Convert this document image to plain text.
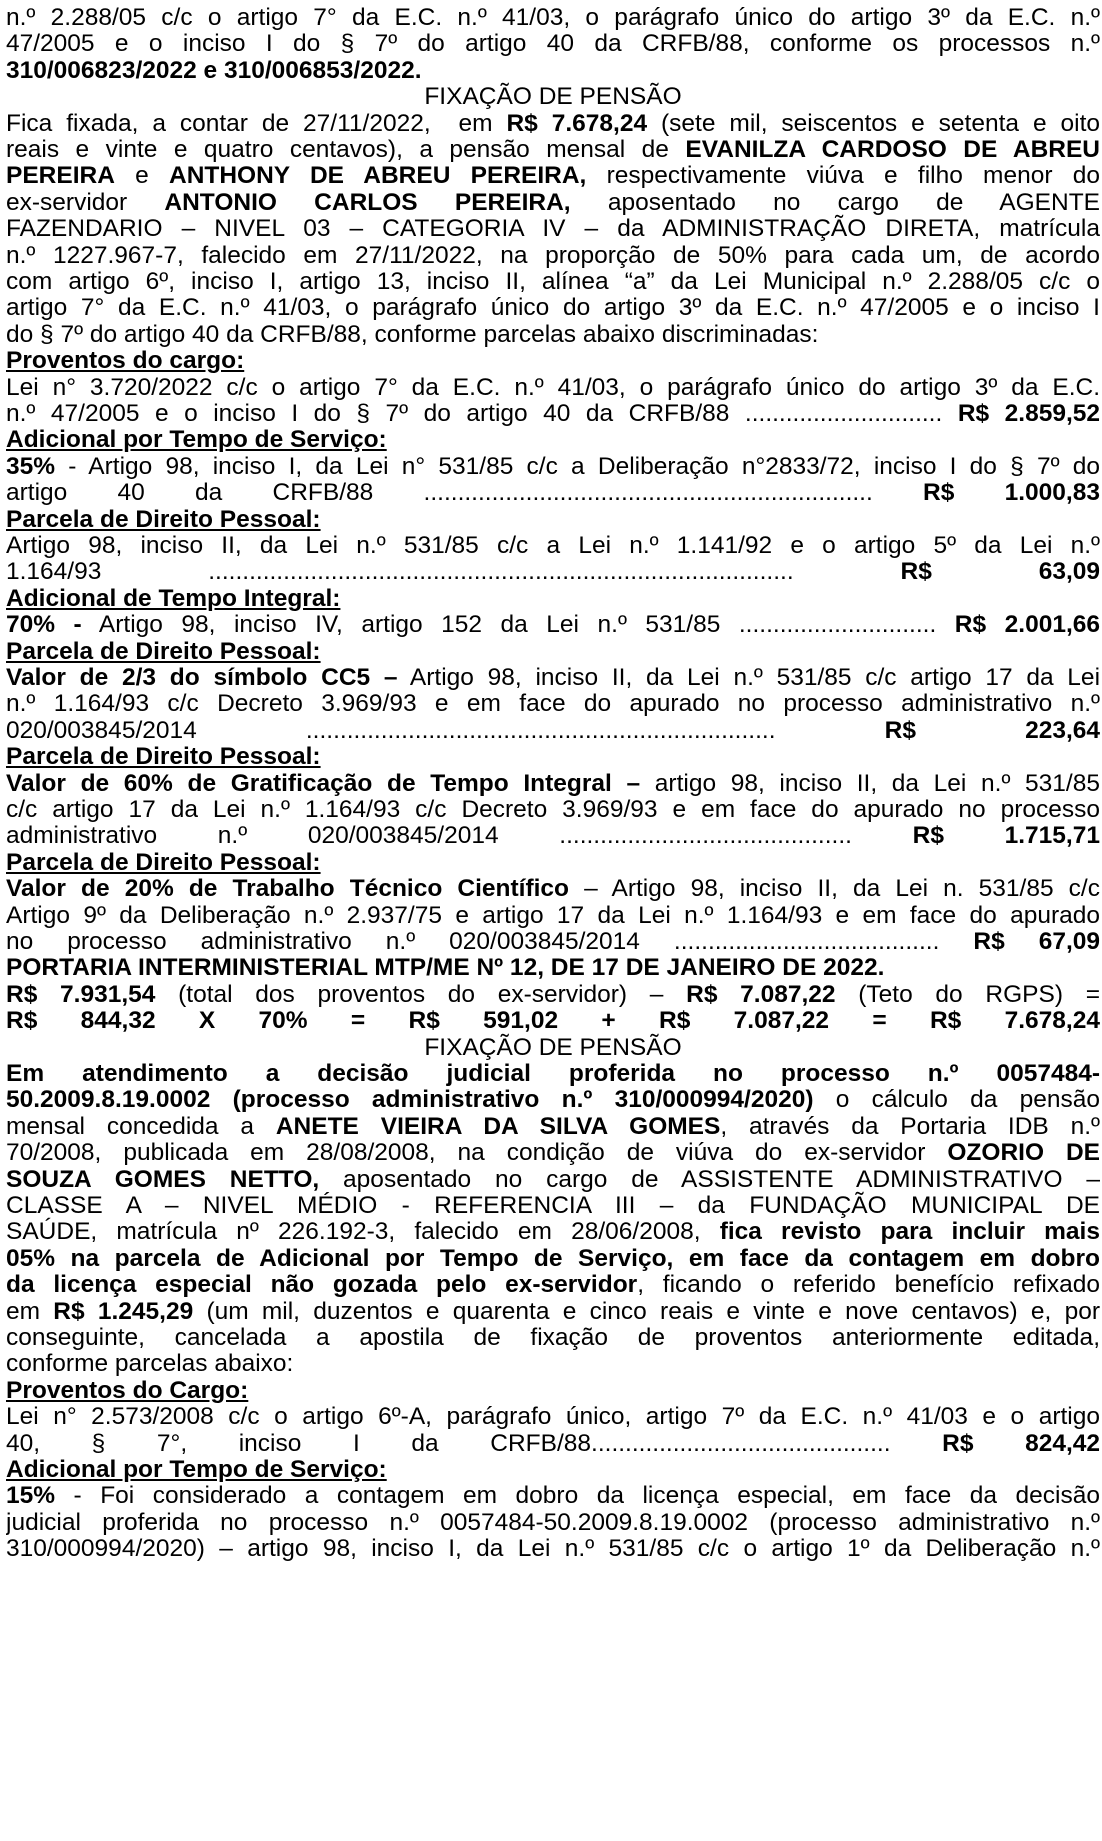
n.º 2.288/05 c/c o artigo 7° da E.C. n.º 41/03, o parágrafo único do artigo 3º da E.C. n.º
47/2005 e o inciso I do § 7º do artigo 40 da CRFB/88, conforme os processos n.º
310/006823/2022 e 310/006853/2022.
FIXAÇÃO DE PENSÃO
Fica fixada, a contar de 27/11/2022,  em R$ 7.678,24 (sete mil, seiscentos e setenta e oito
reais e vinte e quatro centavos), a pensão mensal de EVANILZA CARDOSO DE ABREU
PEREIRA e ANTHONY DE ABREU PEREIRA, respectivamente viúva e filho menor do
ex-servidor ANTONIO CARLOS PEREIRA, aposentado no cargo de AGENTE
FAZENDARIO – NIVEL 03 – CATEGORIA IV – da ADMINISTRAÇÃO DIRETA, matrícula
n.º 1227.967-7, falecido em 27/11/2022, na proporção de 50% para cada um, de acordo
com artigo 6º, inciso I, artigo 13, inciso II, alínea “a” da Lei Municipal n.º 2.288/05 c/c o
artigo 7° da E.C. n.º 41/03, o parágrafo único do artigo 3º da E.C. n.º 47/2005 e o inciso I
do § 7º do artigo 40 da CRFB/88, conforme parcelas abaixo discriminadas:
Proventos do cargo:
Lei n° 3.720/2022 c/c o artigo 7° da E.C. n.º 41/03, o parágrafo único do artigo 3º da E.C.
n.º 47/2005 e o inciso I do § 7º do artigo 40 da CRFB/88 ............................. R$ 2.859,52
Adicional por Tempo de Serviço:
35% - Artigo 98, inciso I, da Lei n° 531/85 c/c a Deliberação n°2833/72, inciso I do § 7º do
artigo 40 da CRFB/88 .................................................................. R$ 1.000,83
Parcela de Direito Pessoal:
Artigo 98, inciso II, da Lei n.º 531/85 c/c a Lei n.º 1.141/92 e o artigo 5º da Lei n.º
1.164/93 ...................................................................................... R$ 63,09
Adicional de Tempo Integral:
70% - Artigo 98, inciso IV, artigo 152 da Lei n.º 531/85 ............................. R$ 2.001,66
Parcela de Direito Pessoal:
Valor de 2/3 do símbolo CC5 – Artigo 98, inciso II, da Lei n.º 531/85 c/c artigo 17 da Lei
n.º 1.164/93 c/c Decreto 3.969/93 e em face do apurado no processo administrativo n.º
020/003845/2014 ..................................................................... R$ 223,64
Parcela de Direito Pessoal:
Valor de 60% de Gratificação de Tempo Integral – artigo 98, inciso II, da Lei n.º 531/85
c/c artigo 17 da Lei n.º 1.164/93 c/c Decreto 3.969/93 e em face do apurado no processo
administrativo n.º 020/003845/2014 ........................................... R$ 1.715,71
Parcela de Direito Pessoal:
Valor de 20% de Trabalho Técnico Científico – Artigo 98, inciso II, da Lei n. 531/85 c/c
Artigo 9º da Deliberação n.º 2.937/75 e artigo 17 da Lei n.º 1.164/93 e em face do apurado
no processo administrativo n.º 020/003845/2014 ....................................... R$ 67,09
PORTARIA INTERMINISTERIAL MTP/ME Nº 12, DE 17 DE JANEIRO DE 2022.
R$ 7.931,54 (total dos proventos do ex-servidor) – R$ 7.087,22 (Teto do RGPS) =
R$ 844,32 X 70% = R$ 591,02 + R$ 7.087,22 = R$ 7.678,24
FIXAÇÃO DE PENSÃO
Em atendimento a decisão judicial proferida no processo n.º 0057484-
50.2009.8.19.0002 (processo administrativo n.º 310/000994/2020) o cálculo da pensão
mensal concedida a ANETE VIEIRA DA SILVA GOMES, através da Portaria IDB n.º
70/2008, publicada em 28/08/2008, na condição de viúva do ex-servidor OZORIO DE
SOUZA GOMES NETTO, aposentado no cargo de ASSISTENTE ADMINISTRATIVO –
CLASSE A – NIVEL MÉDIO - REFERENCIA III – da FUNDAÇÃO MUNICIPAL DE
SAÚDE, matrícula nº 226.192-3, falecido em 28/06/2008, fica revisto para incluir mais
05% na parcela de Adicional por Tempo de Serviço, em face da contagem em dobro
da licença especial não gozada pelo ex-servidor, ficando o referido benefício refixado
em R$ 1.245,29 (um mil, duzentos e quarenta e cinco reais e vinte e nove centavos) e, por
conseguinte, cancelada a apostila de fixação de proventos anteriormente editada,
conforme parcelas abaixo:
Proventos do Cargo:
Lei n° 2.573/2008 c/c o artigo 6º-A, parágrafo único, artigo 7º da E.C. n.º 41/03 e o artigo
40, § 7°, inciso I da CRFB/88............................................ R$ 824,42
Adicional por Tempo de Serviço:
15% - Foi considerado a contagem em dobro da licença especial, em face da decisão
judicial proferida no processo n.º 0057484-50.2009.8.19.0002 (processo administrativo n.º
310/000994/2020) – artigo 98, inciso I, da Lei n.º 531/85 c/c o artigo 1º da Deliberação n.º
